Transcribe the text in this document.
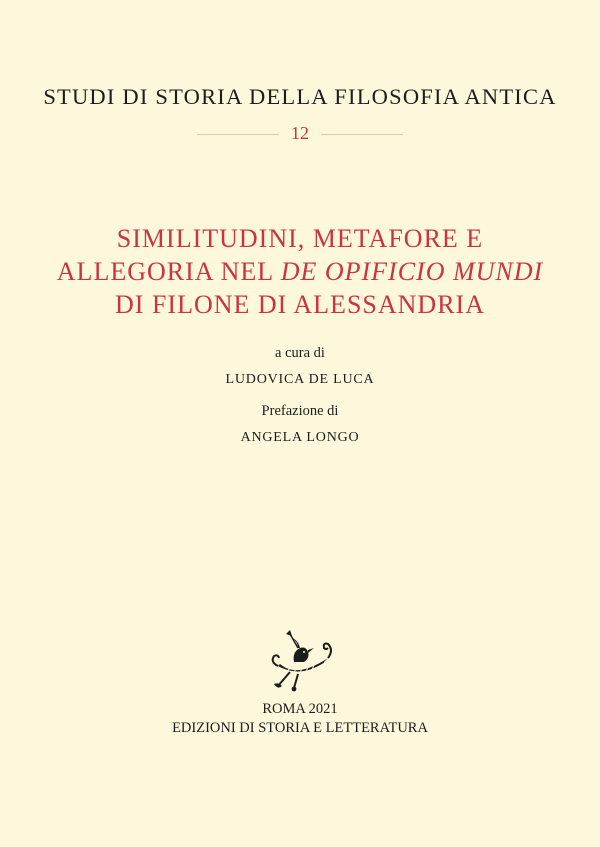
STUDI DI STORIA DELLA FILOSOFIA ANTICA
12
SIMILITUDINI, METAFORE E
ALLEGORIA NEL DE OPIFICIO MUNDI
DI FILONE DI ALESSANDRIA
a cura di
LUDOVICA DE LUCA
Prefazione di
ANGELA LONGO
ROMA 2021
EDIZIONI DI STORIA E LETTERATURA
